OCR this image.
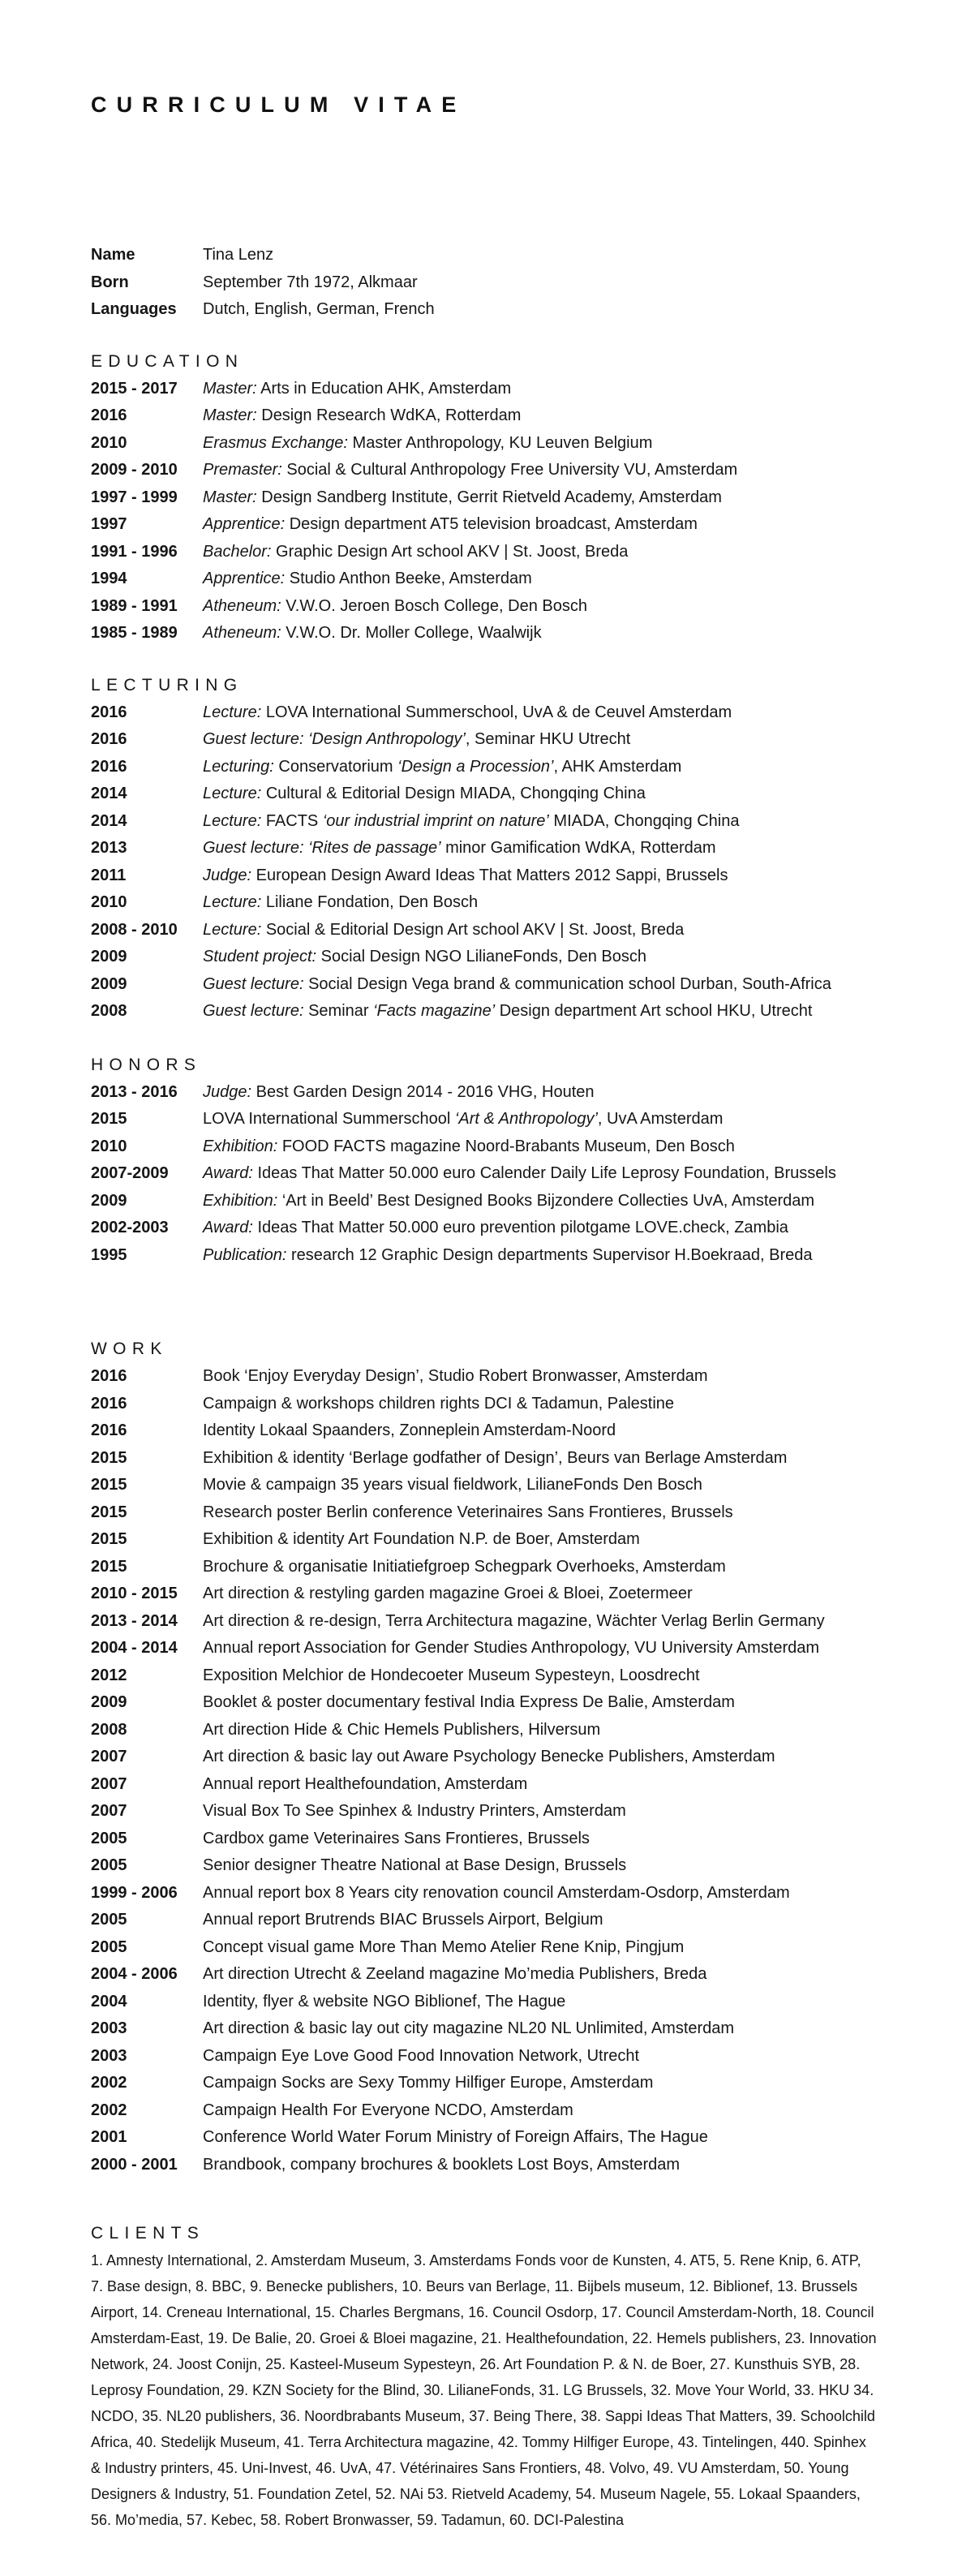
CURRICULUM VITAE
Name	Tina Lenz
Born	September 7th 1972, Alkmaar
Languages	Dutch, English, German, French
EDUCATION
2015 - 2017	Master: Arts in Education AHK, Amsterdam
2016	Master: Design Research WdKA, Rotterdam
2010	Erasmus Exchange: Master Anthropology, KU Leuven Belgium
2009 - 2010	Premaster: Social & Cultural Anthropology Free University VU, Amsterdam
1997 - 1999	Master: Design Sandberg Institute, Gerrit Rietveld Academy, Amsterdam
1997	Apprentice: Design department AT5 television broadcast, Amsterdam
1991 - 1996	Bachelor: Graphic Design Art school AKV | St. Joost, Breda
1994	Apprentice: Studio Anthon Beeke, Amsterdam
1989 - 1991	Atheneum: V.W.O. Jeroen Bosch College, Den Bosch
1985 - 1989	Atheneum: V.W.O. Dr. Moller College, Waalwijk
LECTURING
2016	Lecture: LOVA International Summerschool, UvA & de Ceuvel Amsterdam
2016	Guest lecture: ‘Design Anthropology’, Seminar HKU Utrecht
2016	Lecturing: Conservatorium ‘Design a Procession’, AHK Amsterdam
2014	Lecture: Cultural & Editorial Design MIADA, Chongqing China
2014	Lecture: FACTS ‘our industrial imprint on nature’ MIADA, Chongqing China
2013	Guest lecture: ‘Rites de passage’ minor Gamification WdKA, Rotterdam
2011	Judge: European Design Award Ideas That Matters 2012 Sappi, Brussels
2010	Lecture: Liliane Fondation, Den Bosch
2008 - 2010	Lecture: Social & Editorial Design Art school AKV | St. Joost, Breda
2009	Student project: Social Design NGO LilianeFonds, Den Bosch
2009	Guest lecture: Social Design Vega brand & communication school Durban, South-Africa
2008	Guest lecture: Seminar ‘Facts magazine’ Design department Art school HKU, Utrecht
HONORS
2013 - 2016	Judge: Best Garden Design 2014 - 2016 VHG, Houten
2015	LOVA International Summerschool ‘Art & Anthropology’, UvA Amsterdam
2010	Exhibition: FOOD FACTS magazine Noord-Brabants Museum, Den Bosch
2007-2009	Award: Ideas That Matter 50.000 euro Calender Daily Life Leprosy Foundation, Brussels
2009	Exhibition: ‘Art in Beeld’ Best Designed Books Bijzondere Collecties UvA, Amsterdam
2002-2003	Award: Ideas That Matter 50.000 euro prevention pilotgame LOVE.check, Zambia
1995	Publication: research 12 Graphic Design departments Supervisor H.Boekraad, Breda
WORK
2016	Book ‘Enjoy Everyday Design’, Studio Robert Bronwasser, Amsterdam
2016	Campaign & workshops children rights DCI & Tadamun, Palestine
2016	Identity Lokaal Spaanders, Zonneplein Amsterdam-Noord
2015	Exhibition & identity ‘Berlage godfather of Design’, Beurs van Berlage Amsterdam
2015	Movie & campaign 35 years visual fieldwork, LilianeFonds Den Bosch
2015	Research poster Berlin conference Veterinaires Sans Frontieres, Brussels
2015	Exhibition & identity Art Foundation N.P. de Boer, Amsterdam
2015	Brochure & organisatie Initiatiefgroep Schegpark Overhoeks, Amsterdam
2010 - 2015	Art direction & restyling garden magazine Groei & Bloei, Zoetermeer
2013 - 2014	Art direction & re-design, Terra Architectura magazine, Wächter Verlag Berlin Germany
2004 - 2014	Annual report Association for Gender Studies Anthropology, VU University Amsterdam
2012	Exposition Melchior de Hondecoeter Museum Sypesteyn, Loosdrecht
2009	Booklet & poster documentary festival India Express De Balie, Amsterdam
2008	Art direction Hide & Chic Hemels Publishers, Hilversum
2007	Art direction & basic lay out Aware Psychology Benecke Publishers, Amsterdam
2007	Annual report Healthefoundation, Amsterdam
2007	Visual Box To See Spinhex & Industry Printers, Amsterdam
2005	Cardbox game Veterinaires Sans Frontieres, Brussels
2005	Senior designer Theatre National at Base Design, Brussels
1999 - 2006	Annual report box 8 Years city renovation council Amsterdam-Osdorp, Amsterdam
2005	Annual report Brutrends BIAC Brussels Airport, Belgium
2005	Concept visual game More Than Memo Atelier Rene Knip, Pingjum
2004 - 2006	Art direction Utrecht & Zeeland magazine Mo’media Publishers, Breda
2004	Identity, flyer & website NGO Biblionef, The Hague
2003	Art direction & basic lay out city magazine NL20 NL Unlimited, Amsterdam
2003	Campaign Eye Love Good Food Innovation Network, Utrecht
2002	Campaign Socks are Sexy Tommy Hilfiger Europe, Amsterdam
2002	Campaign Health For Everyone NCDO, Amsterdam
2001	Conference World Water Forum Ministry of Foreign Affairs, The Hague
2000 - 2001	Brandbook, company brochures & booklets Lost Boys, Amsterdam
CLIENTS
1. Amnesty International, 2. Amsterdam Museum, 3. Amsterdams Fonds voor de Kunsten, 4. AT5, 5. Rene Knip, 6. ATP,
7. Base design, 8. BBC, 9. Benecke publishers, 10. Beurs van Berlage, 11. Bijbels museum, 12. Biblionef, 13. Brussels
Airport, 14. Creneau International, 15. Charles Bergmans, 16. Council Osdorp, 17. Council Amsterdam-North, 18. Council
Amsterdam-East, 19. De Balie, 20. Groei & Bloei magazine, 21. Healthefoundation, 22. Hemels publishers, 23. Innovation
Network, 24. Joost Conijn, 25. Kasteel-Museum Sypesteyn, 26. Art Foundation P. & N. de Boer, 27. Kunsthuis SYB, 28.
Leprosy Foundation, 29. KZN Society for the Blind, 30. LilianeFonds, 31. LG Brussels, 32. Move Your World, 33. HKU 34.
NCDO, 35. NL20 publishers, 36. Noordbrabants Museum, 37. Being There, 38. Sappi Ideas That Matters, 39. Schoolchild
Africa, 40. Stedelijk Museum, 41. Terra Architectura magazine, 42. Tommy Hilfiger Europe, 43. Tintelingen, 440. Spinhex
& Industry printers, 45. Uni-Invest, 46. UvA, 47. Vétérinaires Sans Frontiers, 48. Volvo, 49. VU Amsterdam, 50. Young
Designers & Industry, 51. Foundation Zetel, 52. NAi 53. Rietveld Academy, 54. Museum Nagele, 55. Lokaal Spaanders,
56. Mo’media, 57. Kebec, 58. Robert Bronwasser, 59. Tadamun, 60. DCI-Palestina
